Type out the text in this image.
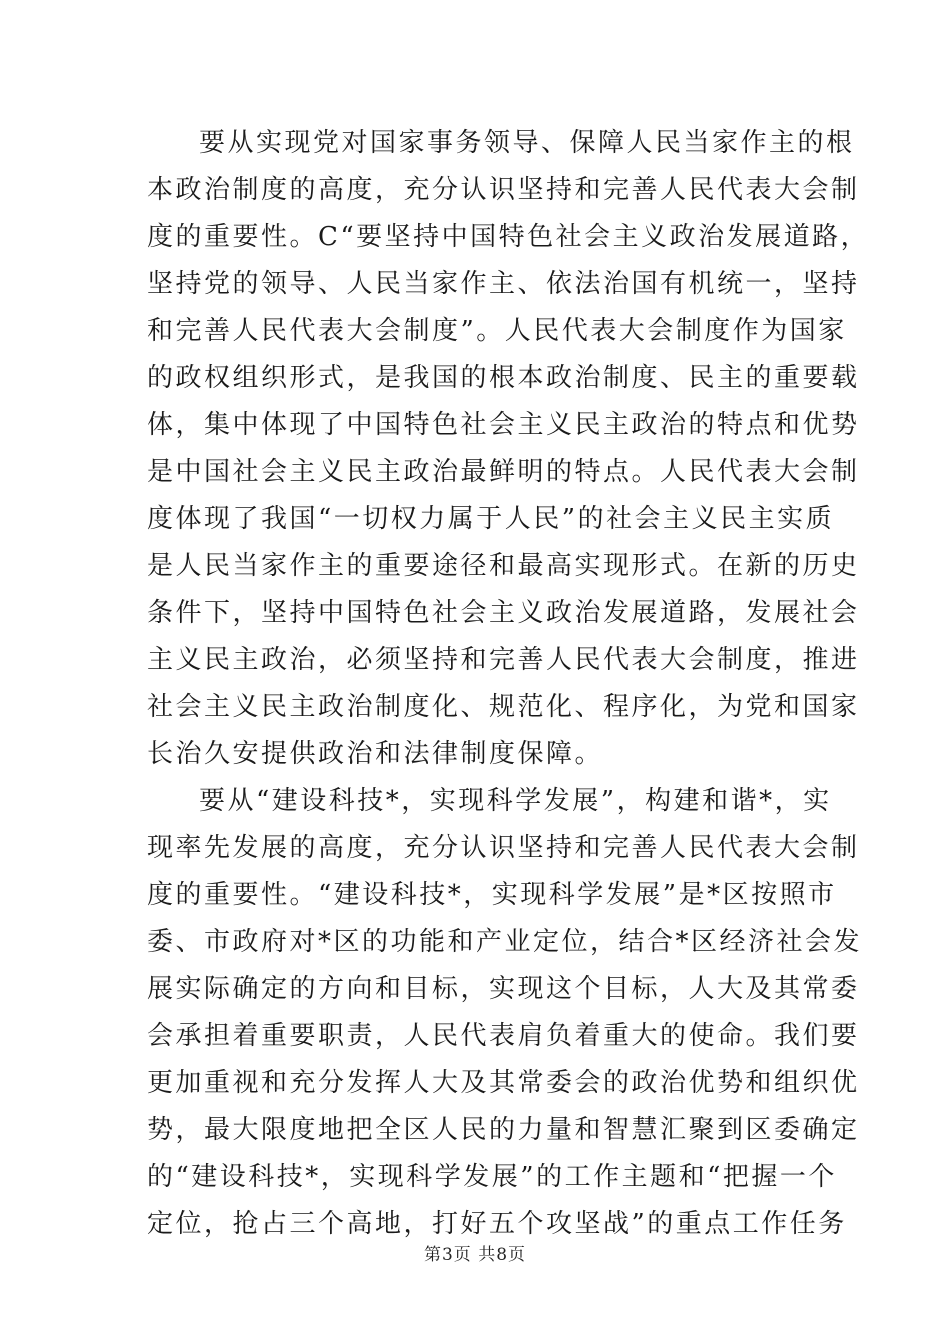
要从实现党对国家事务领导、保障人民当家作主的根
本政治制度的高度，充分认识坚持和完善人民代表大会制
度的重要性。C“要坚持中国特色社会主义政治发展道路，
坚持党的领导、人民当家作主、依法治国有机统一，坚持
和完善人民代表大会制度”。人民代表大会制度作为国家
的政权组织形式，是我国的根本政治制度、民主的重要载
体，集中体现了中国特色社会主义民主政治的特点和优势
是中国社会主义民主政治最鲜明的特点。人民代表大会制
度体现了我国“一切权力属于人民”的社会主义民主实质
是人民当家作主的重要途径和最高实现形式。在新的历史
条件下，坚持中国特色社会主义政治发展道路，发展社会
主义民主政治，必须坚持和完善人民代表大会制度，推进
社会主义民主政治制度化、规范化、程序化，为党和国家
长治久安提供政治和法律制度保障。
要从“建设科技*，实现科学发展”，构建和谐*，实
现率先发展的高度，充分认识坚持和完善人民代表大会制
度的重要性。“建设科技*，实现科学发展”是*区按照市
委、市政府对*区的功能和产业定位，结合*区经济社会发
展实际确定的方向和目标，实现这个目标，人大及其常委
会承担着重要职责，人民代表肩负着重大的使命。我们要
更加重视和充分发挥人大及其常委会的政治优势和组织优
势，最大限度地把全区人民的力量和智慧汇聚到区委确定
的“建设科技*，实现科学发展”的工作主题和“把握一个
定位，抢占三个高地，打好五个攻坚战”的重点工作任务
第3页 共8页
